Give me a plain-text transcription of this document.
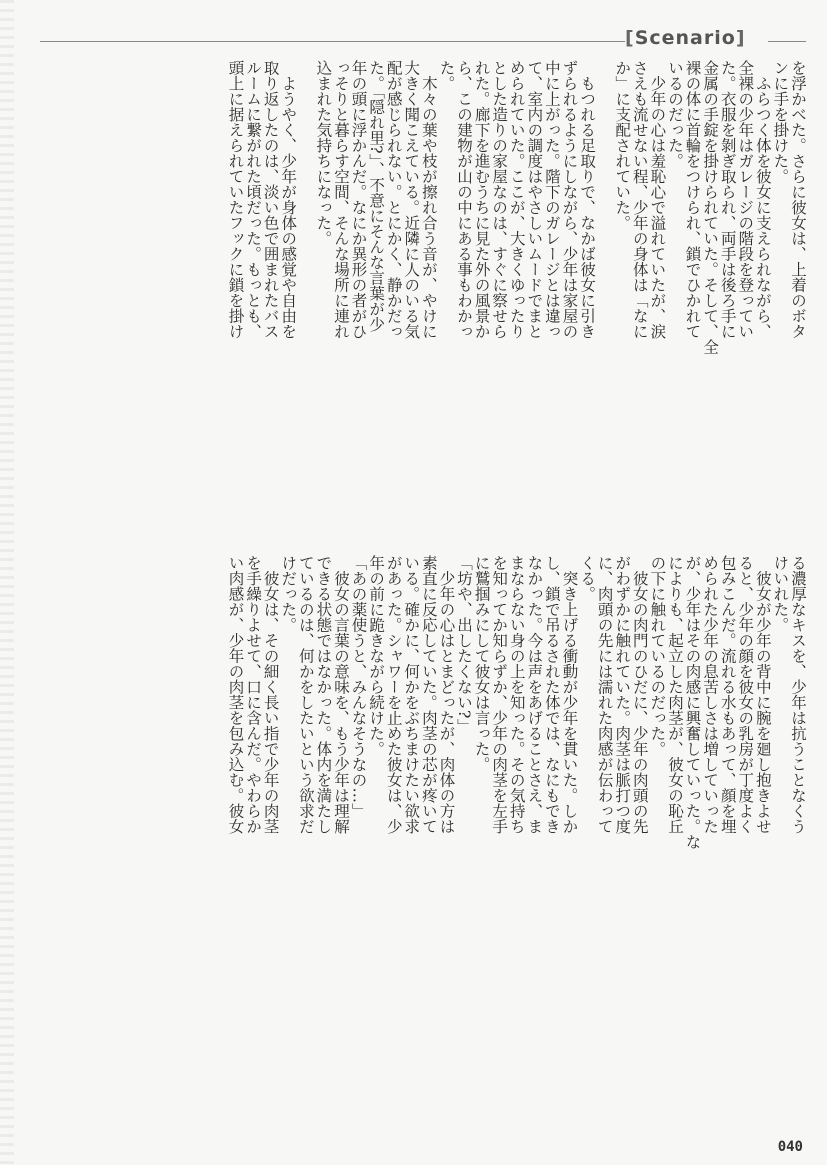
[Scenario]
を浮かべた。さらに彼女は、上着のボタ
ンに手を掛けた。
　ふらつく体を彼女に支えられながら、
全裸の少年はガレージの階段を登ってい
た。衣服を剝ぎ取られ、両手は後ろ手に
金属の手錠を掛けられていた。そして、全
裸の体に首輪をつけられ、鎖でひかれて
いるのだった。
　少年の心は羞恥心で溢れていたが、涙
さえも流せない程、少年の身体は「なに
か」に支配されていた。
　もつれる足取りで、なかば彼女に引き
ずられるようにしながら、少年は家屋の
中に上がった。階下のガレージとは違っ
て、室内の調度はやさしいムードでまと
められていた。ここが、大きくゆったり
とした造りの家屋なのは、すぐに察せら
れた。廊下を進むうちに見た外の風景か
ら、この建物が山の中にある事もわかっ
た。
　木々の葉や枝が擦れ合う音が、やけに
大きく聞こえている。近隣に人のいる気
配が感じられない。とにかく、静かだっ
た。「隠れ里?」、不意にそんな言葉が少
年の頭に浮かんだ。なにか異形の者がひ
っそりと暮らす空間、そんな場所に連れ
込まれた気持ちになった。
　ようやく、少年が身体の感覚や自由を
取り返したのは、淡い色で囲まれたバス
ルームに繋がれた頃だった。もっとも、
頭上に据えられていたフックに鎖を掛け
る濃厚なキスを、少年は抗うことなくう
けいれた。
　彼女が少年の背中に腕を廻し抱きよせ
ると、少年の顔を彼女の乳房が丁度よく
包みこんだ。流れる水もあって、顔を埋
められた少年の息苦しさは増していった
が、少年はその肉感に興奮していった。な
によりも、起立した肉茎が、彼女の恥丘
の下に触れているのだった。
　彼女の肉門のひだに、少年の肉頭の先
がわずかに触れていた。肉茎は脈打つ度
に、肉頭の先には濡れた肉感が伝わって
くる。
　突き上げる衝動が少年を貫いた。しか
し、鎖で吊るされた体では、なにもでき
なかった。今は声をあげることさえ、ま
まならない身の上を知った。その気持ち
を知ってか知らずか、少年の肉茎を左手
に鷲掴みにして彼女は言った。
「坊や、出したくない?」
　少年の心はとまどったが、肉体の方は
素直に反応していた。肉茎の芯が疼いて
いる。確かに、何かをぶちまけたい欲求
があった。シャワーを止めた彼女は、少
年の前に跪きながら続けた。
「あの薬使うと、みんなそうなの…」
　彼女の言葉の意味を、もう少年は理解
できる状態ではなかった。体内を満たし
ているのは、何かをしたいという欲求だ
けだった。
　彼女は、その細く長い指で少年の肉茎
を手繰りよせて、口に含んだ。やわらか
い肉感が、少年の肉茎を包み込む。彼女
040
